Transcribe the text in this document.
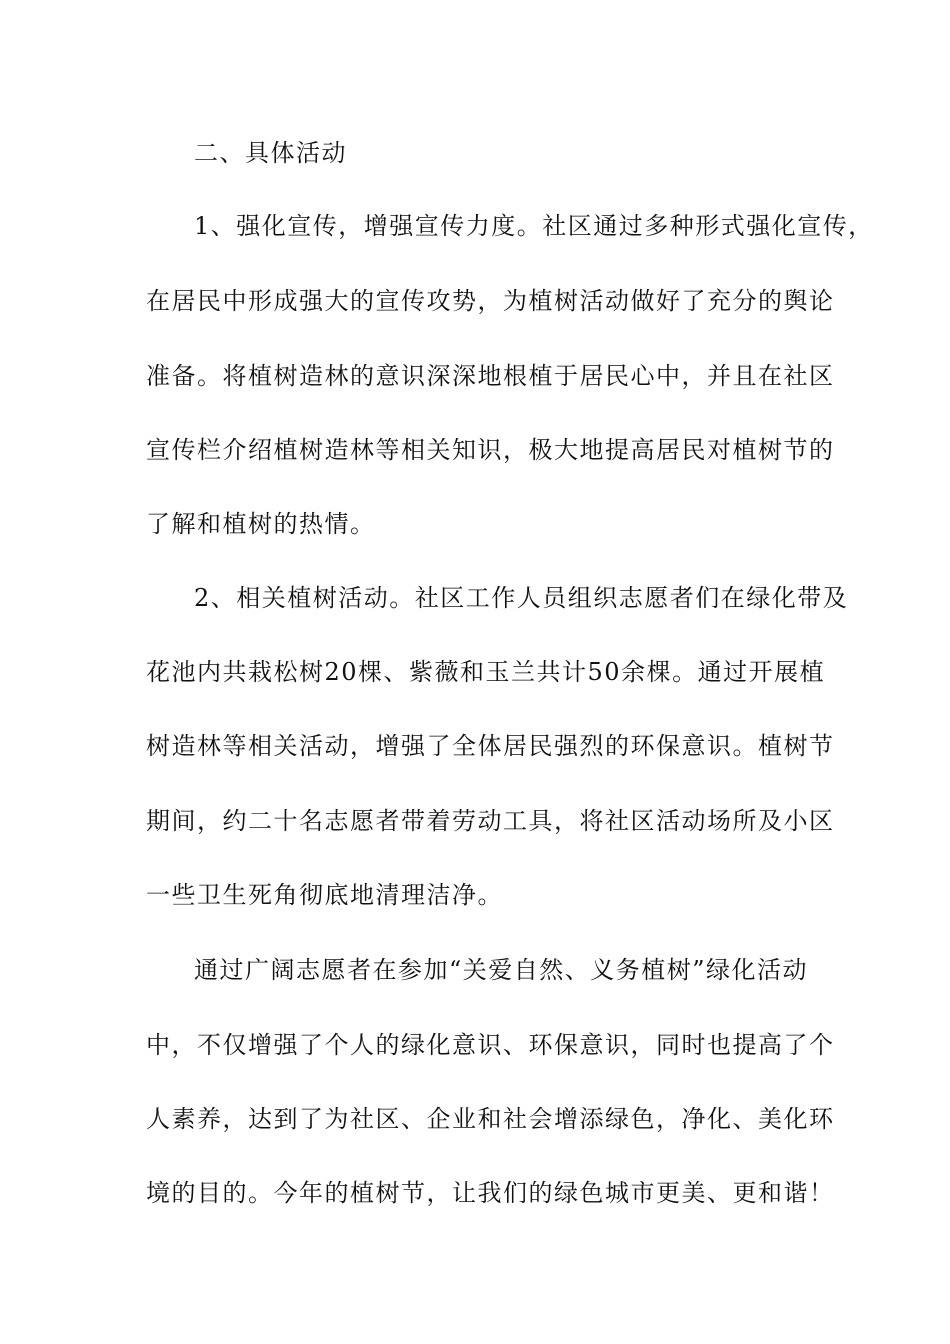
二、具体活动
1、强化宣传，增强宣传力度。社区通过多种形式强化宣传，
在居民中形成强大的宣传攻势，为植树活动做好了充分的舆论
准备。将植树造林的意识深深地根植于居民心中，并且在社区
宣传栏介绍植树造林等相关知识，极大地提高居民对植树节的
了解和植树的热情。
2、相关植树活动。社区工作人员组织志愿者们在绿化带及
花池内共栽松树20棵、紫薇和玉兰共计50余棵。通过开展植
树造林等相关活动，增强了全体居民强烈的环保意识。植树节
期间，约二十名志愿者带着劳动工具，将社区活动场所及小区
一些卫生死角彻底地清理洁净。
通过广阔志愿者在参加“关爱自然、义务植树”绿化活动
中，不仅增强了个人的绿化意识、环保意识，同时也提高了个
人素养，达到了为社区、企业和社会增添绿色，净化、美化环
境的目的。今年的植树节，让我们的绿色城市更美、更和谐！
